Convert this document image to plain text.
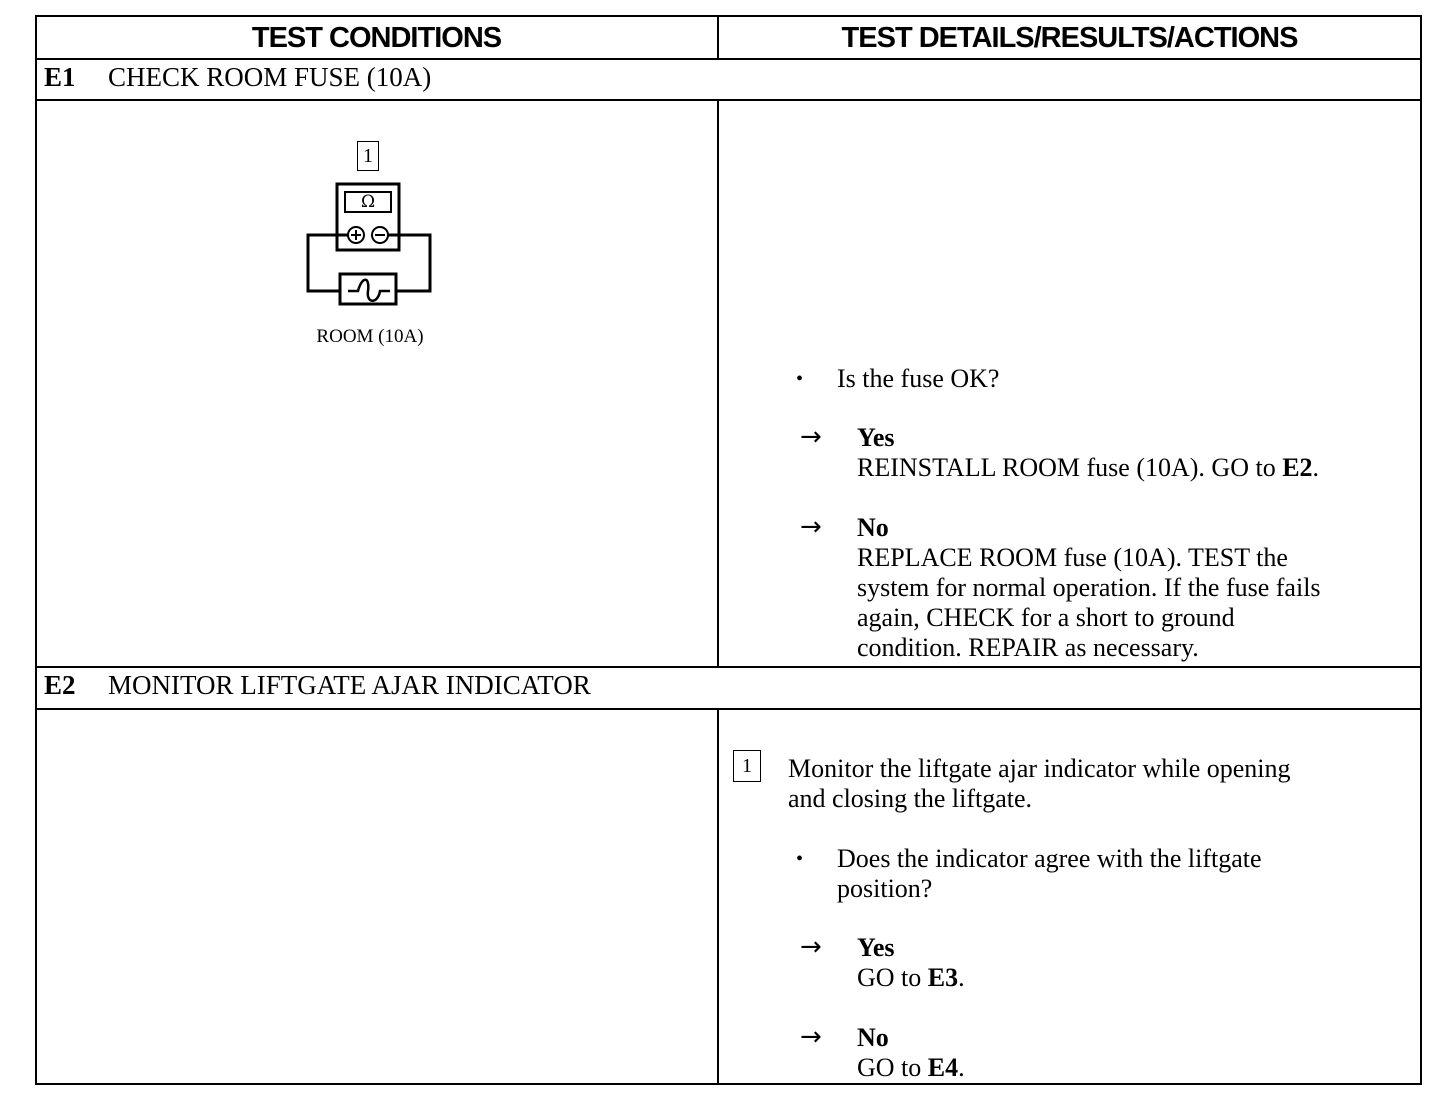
TEST CONDITIONS	TEST DETAILS/RESULTS/ACTIONS
E1 CHECK ROOM FUSE (10A)
1
Ω
ROOM (10A)
• Is the fuse OK?
→ Yes
REINSTALL ROOM fuse (10A). GO to E2.
→ No
REPLACE ROOM fuse (10A). TEST the
system for normal operation. If the fuse fails
again, CHECK for a short to ground
condition. REPAIR as necessary.
E2 MONITOR LIFTGATE AJAR INDICATOR
1	Monitor the liftgate ajar indicator while opening
and closing the liftgate.
• Does the indicator agree with the liftgate
position?
→ Yes
GO to E3.
→ No
GO to E4.
